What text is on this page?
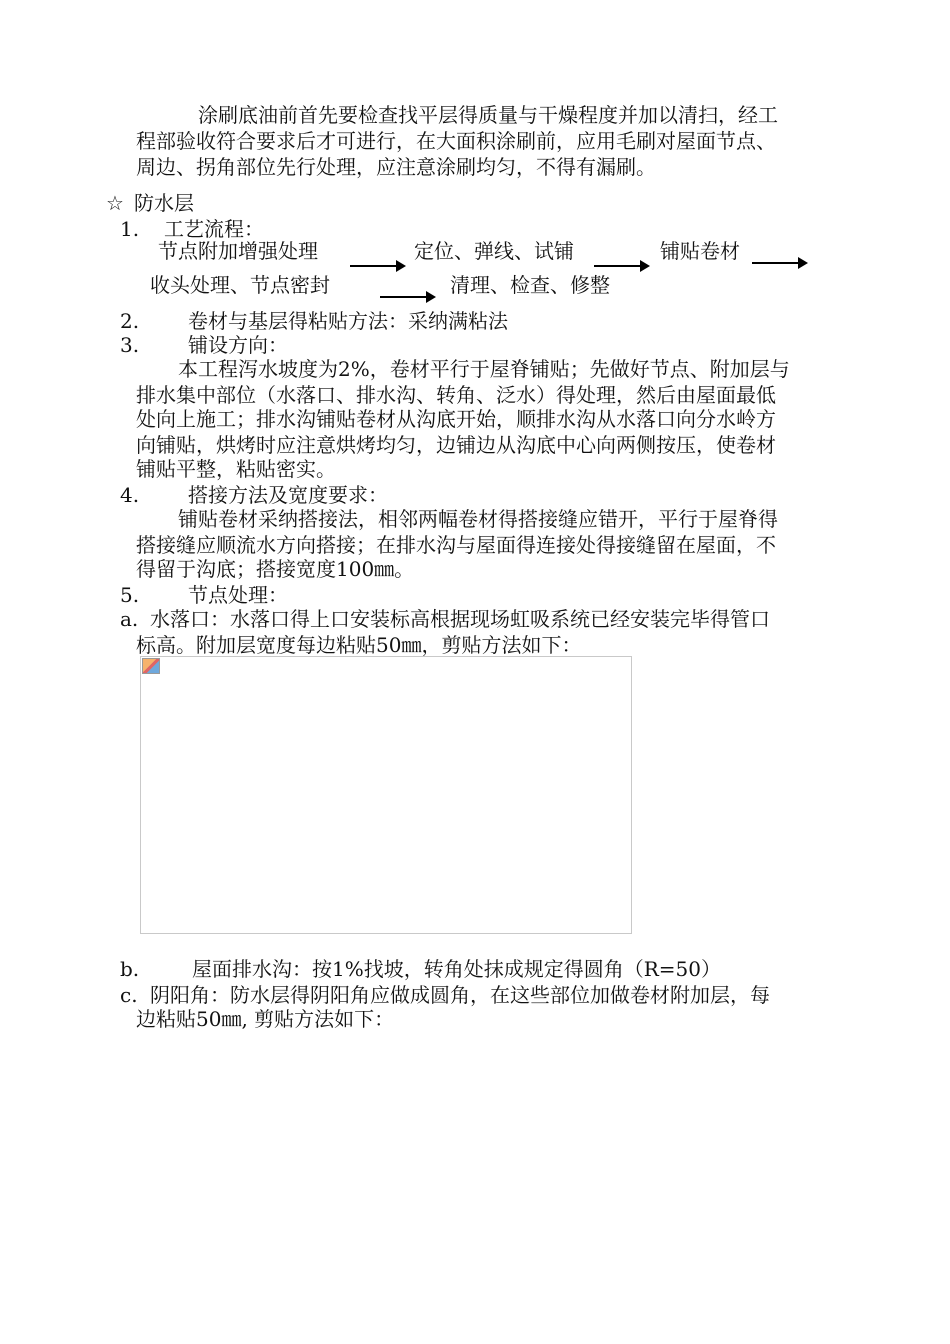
涂刷底油前首先要检查找平层得质量与干燥程度并加以清扫，经工
程部验收符合要求后才可进行，在大面积涂刷前，应用毛刷对屋面节点、
周边、拐角部位先行处理，应注意涂刷均匀，不得有漏刷。
☆ 防水层
1. 工艺流程：
节点附加增强处理	定位、弹线、试铺	铺贴卷材
收头处理、节点密封	清理、检查、修整
2. 卷材与基层得粘贴方法：采纳满粘法
3. 铺设方向：
本工程泻水坡度为2%，卷材平行于屋脊铺贴；先做好节点、附加层与
排水集中部位（水落口、排水沟、转角、泛水）得处理，然后由屋面最低
处向上施工；排水沟铺贴卷材从沟底开始，顺排水沟从水落口向分水岭方
向铺贴，烘烤时应注意烘烤均匀，边铺边从沟底中心向两侧按压，使卷材
铺贴平整，粘贴密实。
4. 搭接方法及宽度要求：
铺贴卷材采纳搭接法，相邻两幅卷材得搭接缝应错开，平行于屋脊得
搭接缝应顺流水方向搭接；在排水沟与屋面得连接处得接缝留在屋面，不
得留于沟底；搭接宽度100㎜。
5. 节点处理：
a. 水落口：水落口得上口安装标高根据现场虹吸系统已经安装完毕得管口
标高。附加层宽度每边粘贴50㎜，剪贴方法如下：
b.	屋面排水沟：按1%找坡，转角处抹成规定得圆角（R=50）
c. 阴阳角：防水层得阴阳角应做成圆角，在这些部位加做卷材附加层，每
边粘贴50㎜, 剪贴方法如下：
